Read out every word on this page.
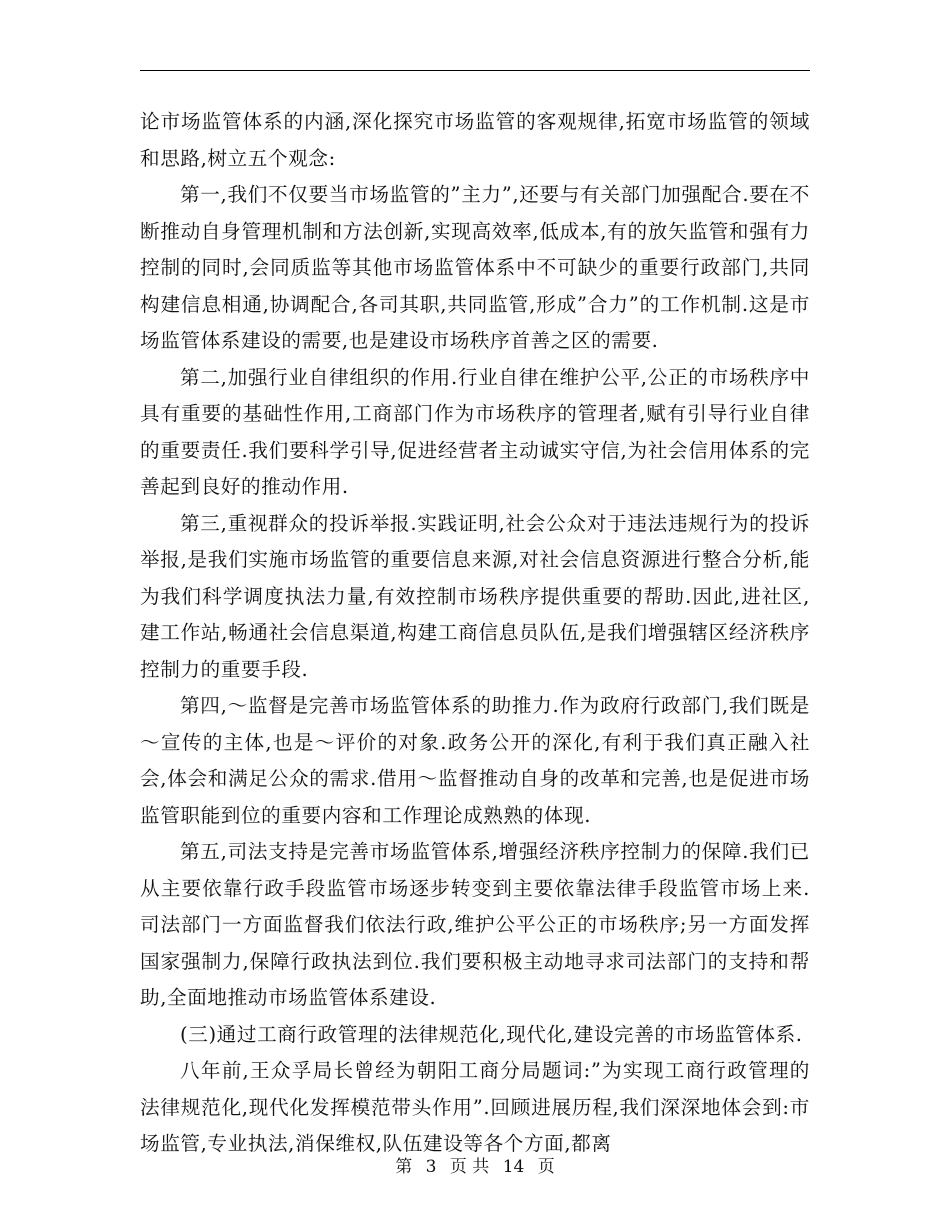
论市场监管体系的内涵,深化探究市场监管的客观规律,拓宽市场监管的领域和思路,树立五个观念:

第一,我们不仅要当市场监管的”主力”,还要与有关部门加强配合.要在不断推动自身管理机制和方法创新,实现高效率,低成本,有的放矢监管和强有力控制的同时,会同质监等其他市场监管体系中不可缺少的重要行政部门,共同构建信息相通,协调配合,各司其职,共同监管,形成”合力”的工作机制.这是市场监管体系建设的需要,也是建设市场秩序首善之区的需要.

第二,加强行业自律组织的作用.行业自律在维护公平,公正的市场秩序中具有重要的基础性作用,工商部门作为市场秩序的管理者,赋有引导行业自律的重要责任.我们要科学引导,促进经营者主动诚实守信,为社会信用体系的完善起到良好的推动作用.

第三,重视群众的投诉举报.实践证明,社会公众对于违法违规行为的投诉举报,是我们实施市场监管的重要信息来源,对社会信息资源进行整合分析,能为我们科学调度执法力量,有效控制市场秩序提供重要的帮助.因此,进社区,建工作站,畅通社会信息渠道,构建工商信息员队伍,是我们增强辖区经济秩序控制力的重要手段.

第四,～监督是完善市场监管体系的助推力.作为政府行政部门,我们既是～宣传的主体,也是～评价的对象.政务公开的深化,有利于我们真正融入社会,体会和满足公众的需求.借用～监督推动自身的改革和完善,也是促进市场监管职能到位的重要内容和工作理论成熟熟的体现.

第五,司法支持是完善市场监管体系,增强经济秩序控制力的保障.我们已从主要依靠行政手段监管市场逐步转变到主要依靠法律手段监管市场上来.司法部门一方面监督我们依法行政,维护公平公正的市场秩序;另一方面发挥国家强制力,保障行政执法到位.我们要积极主动地寻求司法部门的支持和帮助,全面地推动市场监管体系建设.

(三)通过工商行政管理的法律规范化,现代化,建设完善的市场监管体系.

八年前,王众孚局长曾经为朝阳工商分局题词:”为实现工商行政管理的法律规范化,现代化发挥模范带头作用”.回顾进展历程,我们深深地体会到:市场监管,专业执法,消保维权,队伍建设等各个方面,都离

第 3 页 共 14 页
